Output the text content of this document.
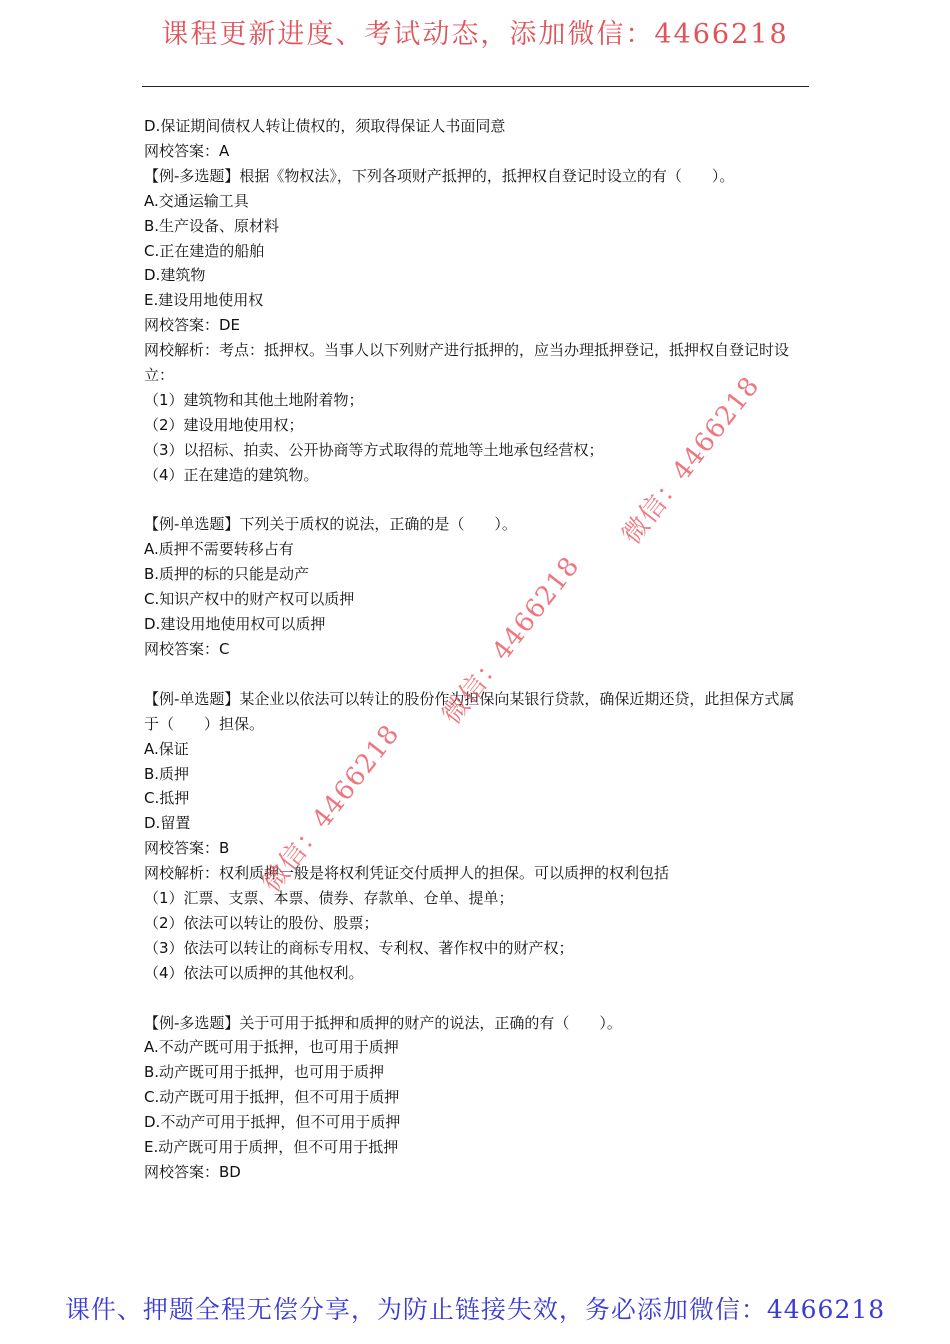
课程更新进度、考试动态，添加微信：4466218
D.保证期间债权人转让债权的，须取得保证人书面同意
网校答案：A
【例-多选题】根据《物权法》，下列各项财产抵押的，抵押权自登记时设立的有（　　）。
A.交通运输工具
B.生产设备、原材料
C.正在建造的船舶
D.建筑物
E.建设用地使用权
网校答案：DE
网校解析：考点：抵押权。当事人以下列财产进行抵押的，应当办理抵押登记，抵押权自登记时设立：
（1）建筑物和其他土地附着物；
（2）建设用地使用权；
（3）以招标、拍卖、公开协商等方式取得的荒地等土地承包经营权；
（4）正在建造的建筑物。
【例-单选题】下列关于质权的说法，正确的是（　　）。
A.质押不需要转移占有
B.质押的标的只能是动产
C.知识产权中的财产权可以质押
D.建设用地使用权可以质押
网校答案：C
【例-单选题】某企业以依法可以转让的股份作为担保向某银行贷款，确保近期还贷，此担保方式属于（　　）担保。
A.保证
B.质押
C.抵押
D.留置
网校答案：B
网校解析：权利质押一般是将权利凭证交付质押人的担保。可以质押的权利包括
（1）汇票、支票、本票、债券、存款单、仓单、提单；
（2）依法可以转让的股份、股票；
（3）依法可以转让的商标专用权、专利权、著作权中的财产权；
（4）依法可以质押的其他权利。
【例-多选题】关于可用于抵押和质押的财产的说法，正确的有（　　）。
A.不动产既可用于抵押，也可用于质押
B.动产既可用于抵押，也可用于质押
C.动产既可用于抵押，但不可用于质押
D.不动产可用于抵押，但不可用于质押
E.动产既可用于质押，但不可用于抵押
网校答案：BD
微信：4466218
微信：4466218
微信：4466218
课件、押题全程无偿分享，为防止链接失效，务必添加微信：4466218
